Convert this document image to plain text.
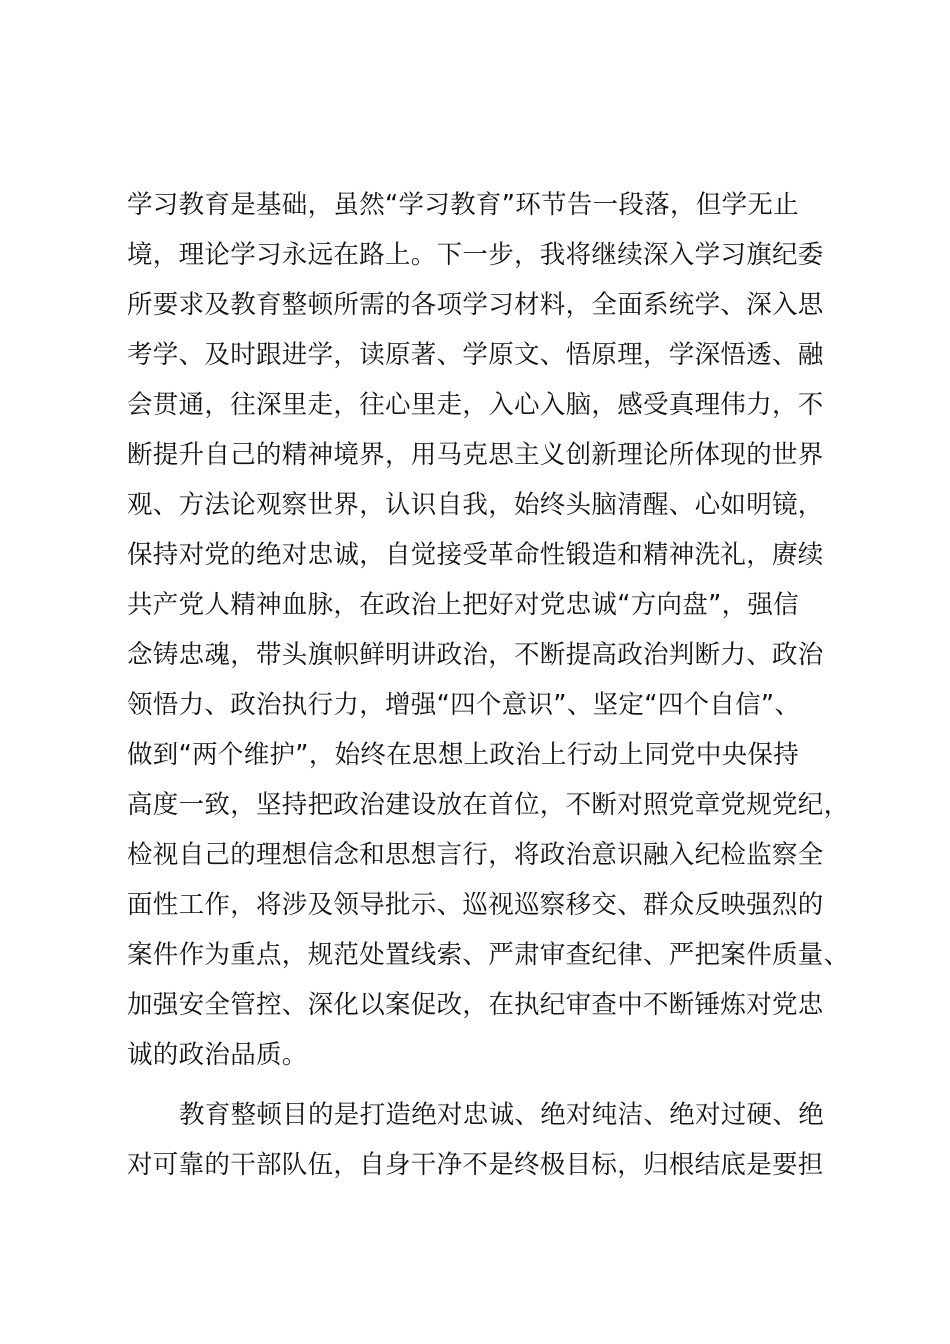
学习教育是基础，虽然“学习教育”环节告一段落，但学无止
境，理论学习永远在路上。下一步，我将继续深入学习旗纪委
所要求及教育整顿所需的各项学习材料，全面系统学、深入思
考学、及时跟进学，读原著、学原文、悟原理，学深悟透、融
会贯通，往深里走，往心里走，入心入脑，感受真理伟力，不
断提升自己的精神境界，用马克思主义创新理论所体现的世界
观、方法论观察世界，认识自我，始终头脑清醒、心如明镜，
保持对党的绝对忠诚，自觉接受革命性锻造和精神洗礼，赓续
共产党人精神血脉，在政治上把好对党忠诚“方向盘”，强信
念铸忠魂，带头旗帜鲜明讲政治，不断提高政治判断力、政治
领悟力、政治执行力，增强“四个意识”、坚定“四个自信”、
做到“两个维护”，始终在思想上政治上行动上同党中央保持
高度一致，坚持把政治建设放在首位，不断对照党章党规党纪，
检视自己的理想信念和思想言行，将政治意识融入纪检监察全
面性工作，将涉及领导批示、巡视巡察移交、群众反映强烈的
案件作为重点，规范处置线索、严肃审查纪律、严把案件质量、
加强安全管控、深化以案促改，在执纪审查中不断锤炼对党忠
诚的政治品质。
教育整顿目的是打造绝对忠诚、绝对纯洁、绝对过硬、绝
对可靠的干部队伍，自身干净不是终极目标，归根结底是要担
